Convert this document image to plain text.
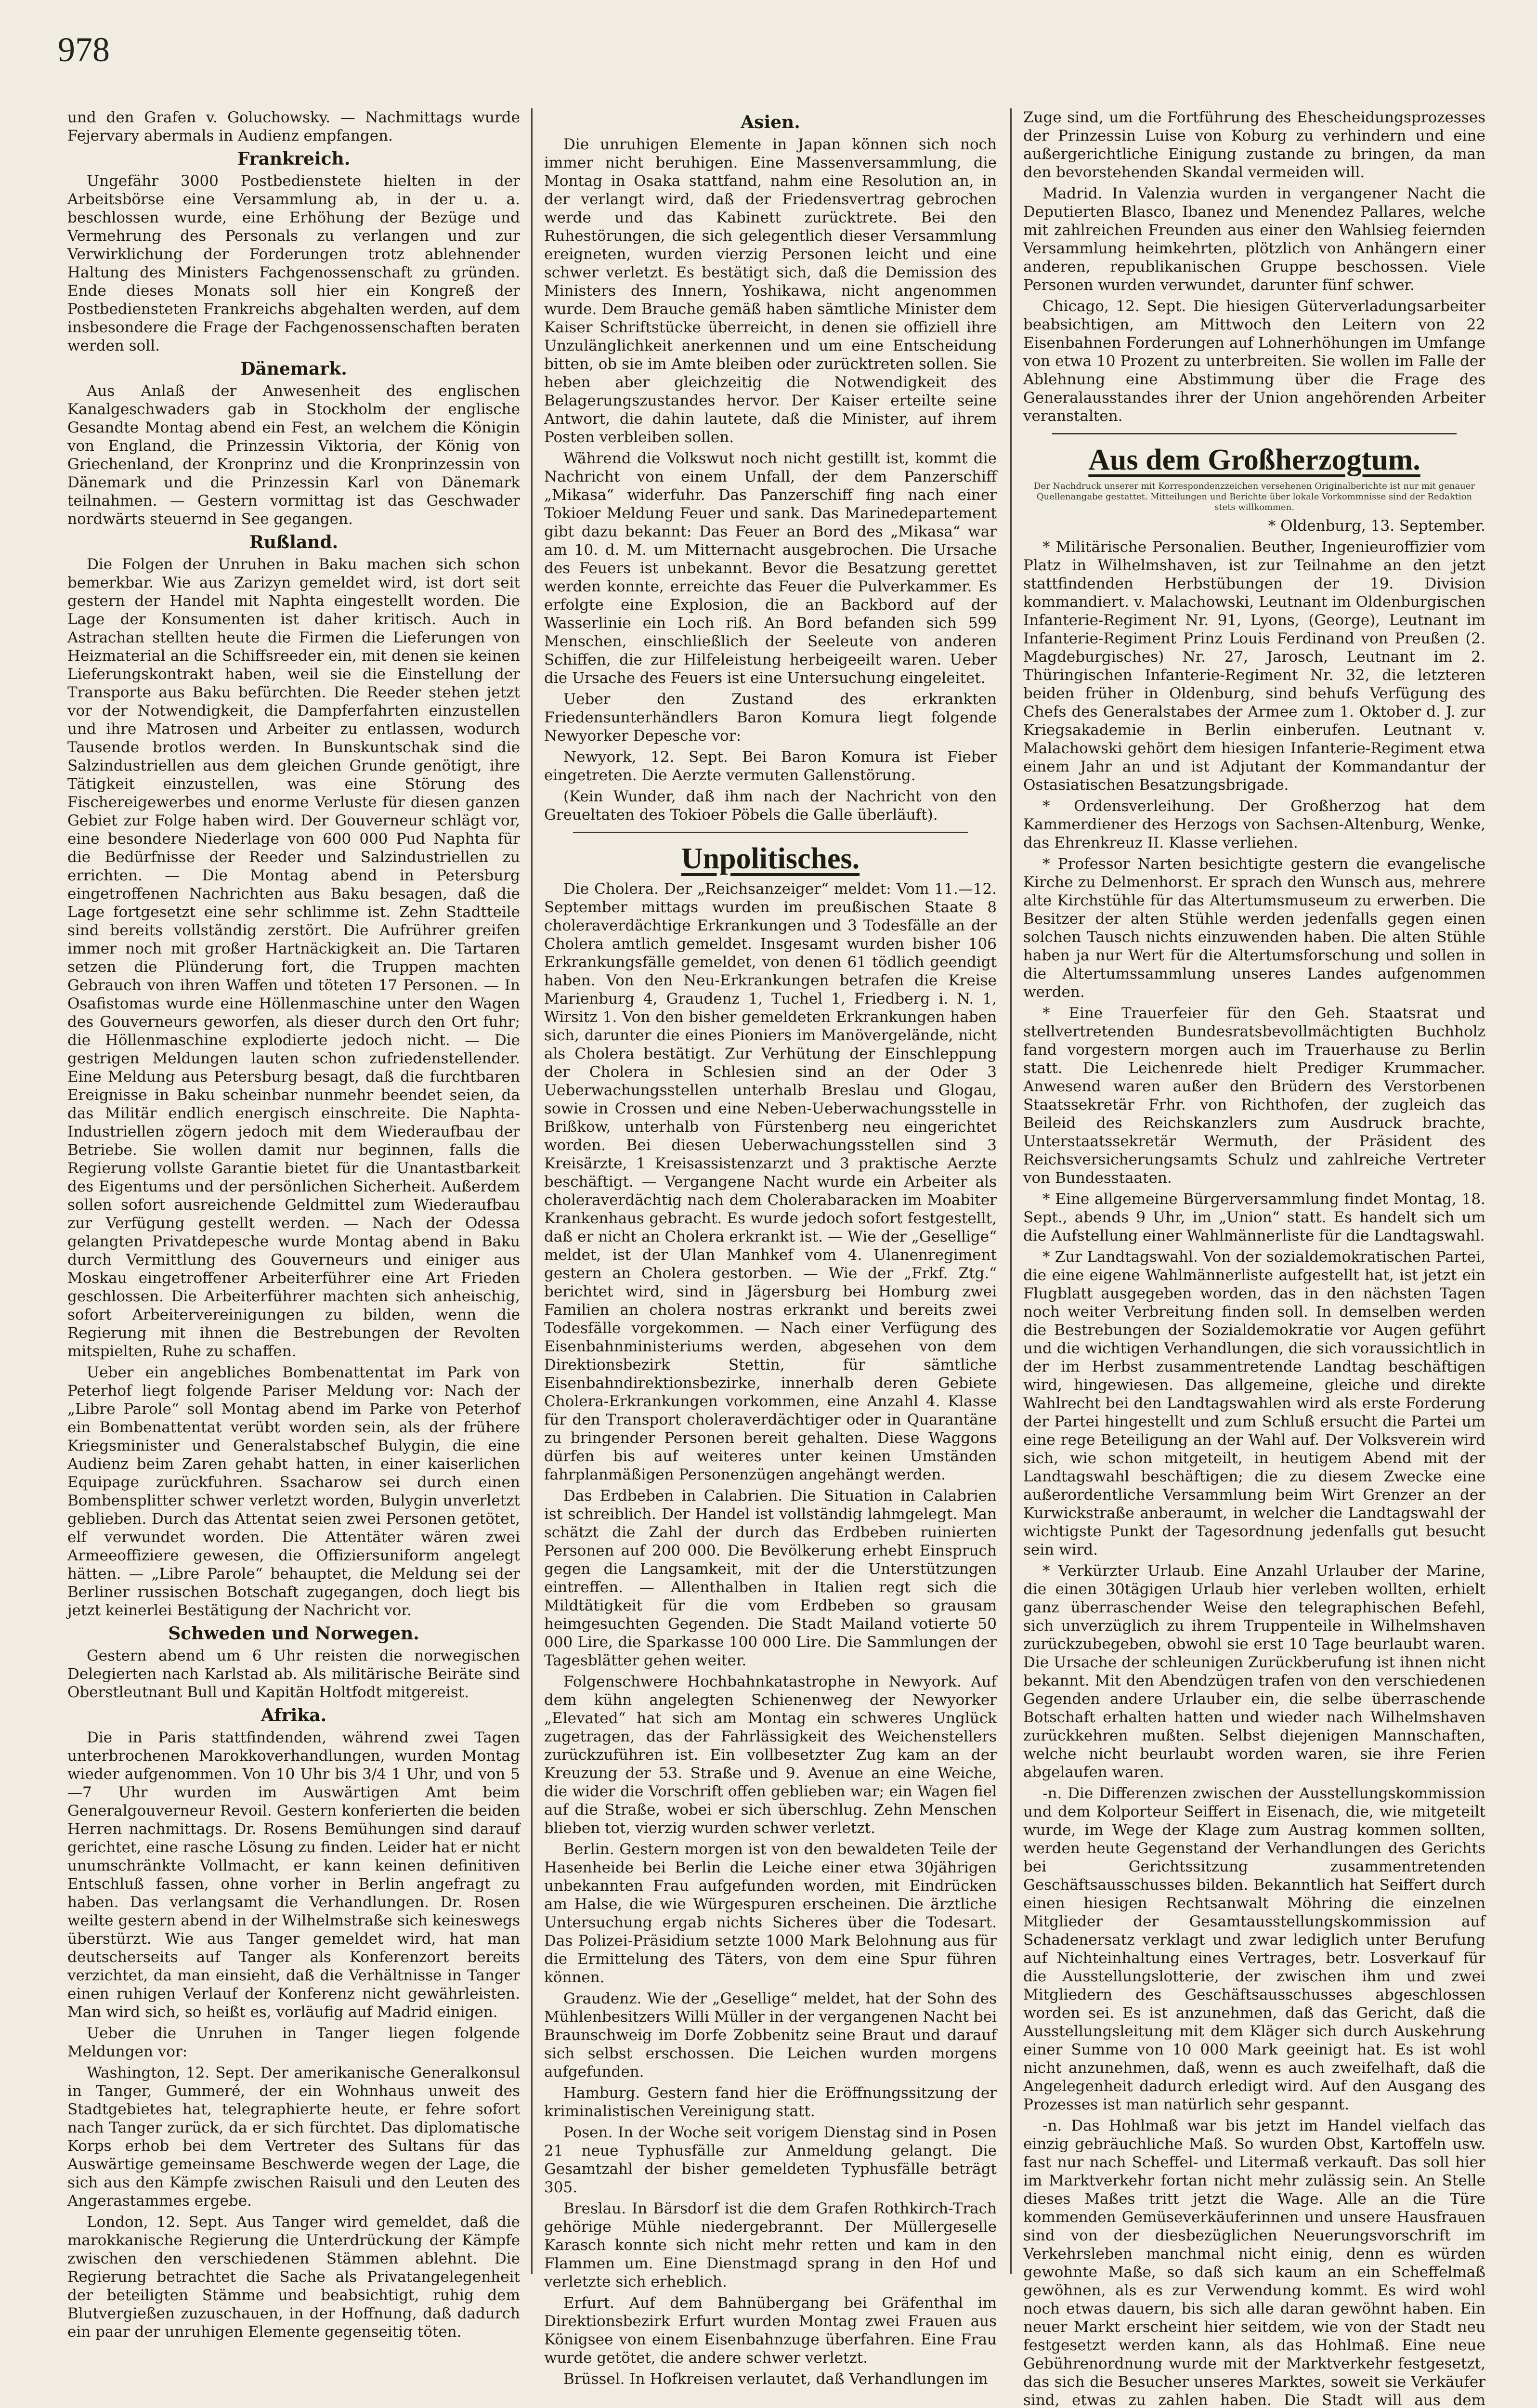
978

und den Grafen v. Goluchowsky. — Nachmittags wurde Fejervary abermals in Audienz empfangen.

Frankreich.

Ungefähr 3000 Postbedienstete hielten in der Arbeitsbörse eine Versammlung ab, in der u. a. beschlossen wurde, eine Erhöhung der Bezüge und Vermehrung des Personals zu verlangen und zur Verwirklichung der Forderungen trotz ablehnender Haltung des Ministers Fachgenossenschaft zu gründen. Ende dieses Monats soll hier ein Kongreß der Postbediensteten Frankreichs abgehalten werden, auf dem insbesondere die Frage der Fachgenossenschaften beraten werden soll.

Dänemark.

Aus Anlaß der Anwesenheit des englischen Kanalgeschwaders gab in Stockholm der englische Gesandte Montag abend ein Fest, an welchem die Königin von England, die Prinzessin Viktoria, der König von Griechenland, der Kronprinz und die Kronprinzessin von Dänemark und die Prinzessin Karl von Dänemark teilnahmen. — Gestern vormittag ist das Geschwader nordwärts steuernd in See gegangen.

Rußland.

Die Folgen der Unruhen in Baku machen sich schon bemerkbar. Wie aus Zarizyn gemeldet wird, ist dort seit gestern der Handel mit Naphta eingestellt worden. Die Lage der Konsumenten ist daher kritisch. Auch in Astrachan stellten heute die Firmen die Lieferungen von Heizmaterial an die Schiffsreeder ein, mit denen sie keinen Lieferungskontrakt haben, weil sie die Einstellung der Transporte aus Baku befürchten. Die Reeder stehen jetzt vor der Notwendigkeit, die Dampferfahrten einzustellen und ihre Matrosen und Arbeiter zu entlassen, wodurch Tausende brotlos werden. In Bunskuntschak sind die Salzindustriellen aus dem gleichen Grunde genötigt, ihre Tätigkeit einzustellen, was eine Störung des Fischereigewerbes und enorme Verluste für diesen ganzen Gebiet zur Folge haben wird. Der Gouverneur schlägt vor, eine besondere Niederlage von 600 000 Pud Naphta für die Bedürfnisse der Reeder und Salzindustriellen zu errichten. — Die Montag abend in Petersburg eingetroffenen Nachrichten aus Baku besagen, daß die Lage fortgesetzt eine sehr schlimme ist. Zehn Stadtteile sind bereits vollständig zerstört. Die Aufrührer greifen immer noch mit großer Hartnäckigkeit an. Die Tartaren setzen die Plünderung fort, die Truppen machten Gebrauch von ihren Waffen und töteten 17 Personen. — In Osafistomas wurde eine Höllenmaschine unter den Wagen des Gouverneurs geworfen, als dieser durch den Ort fuhr; die Höllenmaschine explodierte jedoch nicht. — Die gestrigen Meldungen lauten schon zufriedenstellender. Eine Meldung aus Petersburg besagt, daß die furchtbaren Ereignisse in Baku scheinbar nunmehr beendet seien, da das Militär endlich energisch einschreite. Die Naphta-Industriellen zögern jedoch mit dem Wiederaufbau der Betriebe. Sie wollen damit nur beginnen, falls die Regierung vollste Garantie bietet für die Unantastbarkeit des Eigentums und der persönlichen Sicherheit. Außerdem sollen sofort ausreichende Geldmittel zum Wiederaufbau zur Verfügung gestellt werden. — Nach der Odessa gelangten Privatdepesche wurde Montag abend in Baku durch Vermittlung des Gouverneurs und einiger aus Moskau eingetroffener Arbeiterführer eine Art Frieden geschlossen. Die Arbeiterführer machten sich anheischig, sofort Arbeitervereinigungen zu bilden, wenn die Regierung mit ihnen die Bestrebungen der Revolten mitspielten, Ruhe zu schaffen.

Ueber ein angebliches Bombenattentat im Park von Peterhof liegt folgende Pariser Meldung vor: Nach der „Libre Parole“ soll Montag abend im Parke von Peterhof ein Bombenattentat verübt worden sein, als der frühere Kriegsminister und Generalstabschef Bulygin, die eine Audienz beim Zaren gehabt hatten, in einer kaiserlichen Equipage zurückfuhren. Ssacharow sei durch einen Bombensplitter schwer verletzt worden, Bulygin unverletzt geblieben. Durch das Attentat seien zwei Personen getötet, elf verwundet worden. Die Attentäter wären zwei Armeeoffiziere gewesen, die Offiziersuniform angelegt hätten. — „Libre Parole“ behauptet, die Meldung sei der Berliner russischen Botschaft zugegangen, doch liegt bis jetzt keinerlei Bestätigung der Nachricht vor.

Schweden und Norwegen.

Gestern abend um 6 Uhr reisten die norwegischen Delegierten nach Karlstad ab. Als militärische Beiräte sind Oberstleutnant Bull und Kapitän Holtfodt mitgereist.

Afrika.

Die in Paris stattfindenden, während zwei Tagen unterbrochenen Marokkoverhandlungen, wurden Montag wieder aufgenommen. Von 10 Uhr bis 3/4 1 Uhr, und von 5—7 Uhr wurden im Auswärtigen Amt beim Generalgouverneur Revoil. Gestern konferierten die beiden Herren nachmittags. Dr. Rosens Bemühungen sind darauf gerichtet, eine rasche Lösung zu finden. Leider hat er nicht unumschränkte Vollmacht, er kann keinen definitiven Entschluß fassen, ohne vorher in Berlin angefragt zu haben. Das verlangsamt die Verhandlungen. Dr. Rosen weilte gestern abend in der Wilhelmstraße sich keineswegs überstürzt. Wie aus Tanger gemeldet wird, hat man deutscherseits auf Tanger als Konferenzort bereits verzichtet, da man einsieht, daß die Verhältnisse in Tanger einen ruhigen Verlauf der Konferenz nicht gewährleisten. Man wird sich, so heißt es, vorläufig auf Madrid einigen.

Ueber die Unruhen in Tanger liegen folgende Meldungen vor:

Washington, 12. Sept. Der amerikanische Generalkonsul in Tanger, Gummeré, der ein Wohnhaus unweit des Stadtgebietes hat, telegraphierte heute, er fehre sofort nach Tanger zurück, da er sich fürchtet. Das diplomatische Korps erhob bei dem Vertreter des Sultans für das Auswärtige gemeinsame Beschwerde wegen der Lage, die sich aus den Kämpfe zwischen Raisuli und den Leuten des Angerastammes ergebe.

London, 12. Sept. Aus Tanger wird gemeldet, daß die marokkanische Regierung die Unterdrückung der Kämpfe zwischen den verschiedenen Stämmen ablehnt. Die Regierung betrachtet die Sache als Privatangelegenheit der beteiligten Stämme und beabsichtigt, ruhig dem Blutvergießen zuzuschauen, in der Hoffnung, daß dadurch ein paar der unruhigen Elemente gegenseitig töten.

Asien.

Die unruhigen Elemente in Japan können sich noch immer nicht beruhigen. Eine Massenversammlung, die Montag in Osaka stattfand, nahm eine Resolution an, in der verlangt wird, daß der Friedensvertrag gebrochen werde und das Kabinett zurücktrete. Bei den Ruhestörungen, die sich gelegentlich dieser Versammlung ereigneten, wurden vierzig Personen leicht und eine schwer verletzt. Es bestätigt sich, daß die Demission des Ministers des Innern, Yoshikawa, nicht angenommen wurde. Dem Brauche gemäß haben sämtliche Minister dem Kaiser Schriftstücke überreicht, in denen sie offiziell ihre Unzulänglichkeit anerkennen und um eine Entscheidung bitten, ob sie im Amte bleiben oder zurücktreten sollen. Sie heben aber gleichzeitig die Notwendigkeit des Belagerungszustandes hervor. Der Kaiser erteilte seine Antwort, die dahin lautete, daß die Minister, auf ihrem Posten verbleiben sollen.

Während die Volkswut noch nicht gestillt ist, kommt die Nachricht von einem Unfall, der dem Panzerschiff „Mikasa“ widerfuhr. Das Panzerschiff fing nach einer Tokioer Meldung Feuer und sank. Das Marinedepartement gibt dazu bekannt: Das Feuer an Bord des „Mikasa“ war am 10. d. M. um Mitternacht ausgebrochen. Die Ursache des Feuers ist unbekannt. Bevor die Besatzung gerettet werden konnte, erreichte das Feuer die Pulverkammer. Es erfolgte eine Explosion, die an Backbord auf der Wasserlinie ein Loch riß. An Bord befanden sich 599 Menschen, einschließlich der Seeleute von anderen Schiffen, die zur Hilfeleistung herbeigeeilt waren. Ueber die Ursache des Feuers ist eine Untersuchung eingeleitet.

Ueber den Zustand des erkrankten Friedensunterhändlers Baron Komura liegt folgende Newyorker Depesche vor:

Newyork, 12. Sept. Bei Baron Komura ist Fieber eingetreten. Die Aerzte vermuten Gallenstörung.

(Kein Wunder, daß ihm nach der Nachricht von den Greueltaten des Tokioer Pöbels die Galle überläuft).

Unpolitisches.

Die Cholera. Der „Reichsanzeiger“ meldet: Vom 11.—12. September mittags wurden im preußischen Staate 8 choleraverdächtige Erkrankungen und 3 Todesfälle an der Cholera amtlich gemeldet. Insgesamt wurden bisher 106 Erkrankungsfälle gemeldet, von denen 61 tödlich geendigt haben. Von den Neu-Erkrankungen betrafen die Kreise Marienburg 4, Graudenz 1, Tuchel 1, Friedberg i. N. 1, Wirsitz 1. Von den bisher gemeldeten Erkrankungen haben sich, darunter die eines Pioniers im Manövergelände, nicht als Cholera bestätigt. Zur Verhütung der Einschleppung der Cholera in Schlesien sind an der Oder 3 Ueberwachungsstellen unterhalb Breslau und Glogau, sowie in Crossen und eine Neben-Ueberwachungsstelle in Brißkow, unterhalb von Fürstenberg neu eingerichtet worden. Bei diesen Ueberwachungsstellen sind 3 Kreisärzte, 1 Kreisassistenzarzt und 3 praktische Aerzte beschäftigt. — Vergangene Nacht wurde ein Arbeiter als choleraverdächtig nach dem Cholerabaracken im Moabiter Krankenhaus gebracht. Es wurde jedoch sofort festgestellt, daß er nicht an Cholera erkrankt ist. — Wie der „Gesellige“ meldet, ist der Ulan Manhkef vom 4. Ulanenregiment gestern an Cholera gestorben. — Wie der „Frkf. Ztg.“ berichtet wird, sind in Jägersburg bei Homburg zwei Familien an cholera nostras erkrankt und bereits zwei Todesfälle vorgekommen. — Nach einer Verfügung des Eisenbahnministeriums werden, abgesehen von dem Direktionsbezirk Stettin, für sämtliche Eisenbahndirektionsbezirke, innerhalb deren Gebiete Cholera-Erkrankungen vorkommen, eine Anzahl 4. Klasse für den Transport choleraverdächtiger oder in Quarantäne zu bringender Personen bereit gehalten. Diese Waggons dürfen bis auf weiteres unter keinen Umständen fahrplanmäßigen Personenzügen angehängt werden.

Das Erdbeben in Calabrien. Die Situation in Calabrien ist schreiblich. Der Handel ist vollständig lahmgelegt. Man schätzt die Zahl der durch das Erdbeben ruinierten Personen auf 200 000. Die Bevölkerung erhebt Einspruch gegen die Langsamkeit, mit der die Unterstützungen eintreffen. — Allenthalben in Italien regt sich die Mildtätigkeit für die vom Erdbeben so grausam heimgesuchten Gegenden. Die Stadt Mailand votierte 50 000 Lire, die Sparkasse 100 000 Lire. Die Sammlungen der Tagesblätter gehen weiter.

Folgenschwere Hochbahnkatastrophe in Newyork. Auf dem kühn angelegten Schienenweg der Newyorker „Elevated“ hat sich am Montag ein schweres Unglück zugetragen, das der Fahrlässigkeit des Weichenstellers zurückzuführen ist. Ein vollbesetzter Zug kam an der Kreuzung der 53. Straße und 9. Avenue an eine Weiche, die wider die Vorschrift offen geblieben war; ein Wagen fiel auf die Straße, wobei er sich überschlug. Zehn Menschen blieben tot, vierzig wurden schwer verletzt.

Berlin. Gestern morgen ist von den bewaldeten Teile der Hasenheide bei Berlin die Leiche einer etwa 30jährigen unbekannten Frau aufgefunden worden, mit Eindrücken am Halse, die wie Würgespuren erscheinen. Die ärztliche Untersuchung ergab nichts Sicheres über die Todesart. Das Polizei-Präsidium setzte 1000 Mark Belohnung aus für die Ermittelung des Täters, von dem eine Spur führen können.

Graudenz. Wie der „Gesellige“ meldet, hat der Sohn des Mühlenbesitzers Willi Müller in der vergangenen Nacht bei Braunschweig im Dorfe Zobbenitz seine Braut und darauf sich selbst erschossen. Die Leichen wurden morgens aufgefunden.

Hamburg. Gestern fand hier die Eröffnungssitzung der kriminalistischen Vereinigung statt.

Posen. In der Woche seit vorigem Dienstag sind in Posen 21 neue Typhusfälle zur Anmeldung gelangt. Die Gesamtzahl der bisher gemeldeten Typhusfälle beträgt 305.

Breslau. In Bärsdorf ist die dem Grafen Rothkirch-Trach gehörige Mühle niedergebrannt. Der Müllergeselle Karasch konnte sich nicht mehr retten und kam in den Flammen um. Eine Dienstmagd sprang in den Hof und verletzte sich erheblich.

Erfurt. Auf dem Bahnübergang bei Gräfenthal im Direktionsbezirk Erfurt wurden Montag zwei Frauen aus Königsee von einem Eisenbahnzuge überfahren. Eine Frau wurde getötet, die andere schwer verletzt.

Brüssel. In Hofkreisen verlautet, daß Verhandlungen im

Zuge sind, um die Fortführung des Ehescheidungsprozesses der Prinzessin Luise von Koburg zu verhindern und eine außergerichtliche Einigung zustande zu bringen, da man den bevorstehenden Skandal vermeiden will.

Madrid. In Valenzia wurden in vergangener Nacht die Deputierten Blasco, Ibanez und Menendez Pallares, welche mit zahlreichen Freunden aus einer den Wahlsieg feiernden Versammlung heimkehrten, plötzlich von Anhängern einer anderen, republikanischen Gruppe beschossen. Viele Personen wurden verwundet, darunter fünf schwer.

Chicago, 12. Sept. Die hiesigen Güterverladungsarbeiter beabsichtigen, am Mittwoch den Leitern von 22 Eisenbahnen Forderungen auf Lohnerhöhungen im Umfange von etwa 10 Prozent zu unterbreiten. Sie wollen im Falle der Ablehnung eine Abstimmung über die Frage des Generalausstandes ihrer der Union angehörenden Arbeiter veranstalten.

Aus dem Großherzogtum.

Der Nachdruck unserer mit Korrespondenzzeichen versehenen Originalberichte ist nur mit genauer Quellenangabe gestattet. Mitteilungen und Berichte über lokale Vorkommnisse sind der Redaktion stets willkommen.

* Oldenburg, 13. September.

* Militärische Personalien. Beuther, Ingenieuroffizier vom Platz in Wilhelmshaven, ist zur Teilnahme an den jetzt stattfindenden Herbstübungen der 19. Division kommandiert. v. Malachowski, Leutnant im Oldenburgischen Infanterie-Regiment Nr. 91, Lyons, (George), Leutnant im Infanterie-Regiment Prinz Louis Ferdinand von Preußen (2. Magdeburgisches) Nr. 27, Jarosch, Leutnant im 2. Thüringischen Infanterie-Regiment Nr. 32, die letzteren beiden früher in Oldenburg, sind behufs Verfügung des Chefs des Generalstabes der Armee zum 1. Oktober d. J. zur Kriegsakademie in Berlin einberufen. Leutnant v. Malachowski gehört dem hiesigen Infanterie-Regiment etwa einem Jahr an und ist Adjutant der Kommandantur der Ostasiatischen Besatzungsbrigade.

* Ordensverleihung. Der Großherzog hat dem Kammerdiener des Herzogs von Sachsen-Altenburg, Wenke, das Ehrenkreuz II. Klasse verliehen.

* Professor Narten besichtigte gestern die evangelische Kirche zu Delmenhorst. Er sprach den Wunsch aus, mehrere alte Kirchstühle für das Altertumsmuseum zu erwerben. Die Besitzer der alten Stühle werden jedenfalls gegen einen solchen Tausch nichts einzuwenden haben. Die alten Stühle haben ja nur Wert für die Altertumsforschung und sollen in die Altertumssammlung unseres Landes aufgenommen werden.

* Eine Trauerfeier für den Geh. Staatsrat und stellvertretenden Bundesratsbevollmächtigten Buchholz fand vorgestern morgen auch im Trauerhause zu Berlin statt. Die Leichenrede hielt Prediger Krummacher. Anwesend waren außer den Brüdern des Verstorbenen Staatssekretär Frhr. von Richthofen, der zugleich das Beileid des Reichskanzlers zum Ausdruck brachte, Unterstaatssekretär Wermuth, der Präsident des Reichsversicherungsamts Schulz und zahlreiche Vertreter von Bundesstaaten.

* Eine allgemeine Bürgerversammlung findet Montag, 18. Sept., abends 9 Uhr, im „Union“ statt. Es handelt sich um die Aufstellung einer Wahlmännerliste für die Landtagswahl.

* Zur Landtagswahl. Von der sozialdemokratischen Partei, die eine eigene Wahlmännerliste aufgestellt hat, ist jetzt ein Flugblatt ausgegeben worden, das in den nächsten Tagen noch weiter Verbreitung finden soll. In demselben werden die Bestrebungen der Sozialdemokratie vor Augen geführt und die wichtigen Verhandlungen, die sich voraussichtlich in der im Herbst zusammentretende Landtag beschäftigen wird, hingewiesen. Das allgemeine, gleiche und direkte Wahlrecht bei den Landtagswahlen wird als erste Forderung der Partei hingestellt und zum Schluß ersucht die Partei um eine rege Beteiligung an der Wahl auf. Der Volksverein wird sich, wie schon mitgeteilt, in heutigem Abend mit der Landtagswahl beschäftigen; die zu diesem Zwecke eine außerordentliche Versammlung beim Wirt Grenzer an der Kurwickstraße anberaumt, in welcher die Landtagswahl der wichtigste Punkt der Tagesordnung jedenfalls gut besucht sein wird.

* Verkürzter Urlaub. Eine Anzahl Urlauber der Marine, die einen 30tägigen Urlaub hier verleben wollten, erhielt ganz überraschender Weise den telegraphischen Befehl, sich unverzüglich zu ihrem Truppenteile in Wilhelmshaven zurückzubegeben, obwohl sie erst 10 Tage beurlaubt waren. Die Ursache der schleunigen Zurückberufung ist ihnen nicht bekannt. Mit den Abendzügen trafen von den verschiedenen Gegenden andere Urlauber ein, die selbe überraschende Botschaft erhalten hatten und wieder nach Wilhelmshaven zurückkehren mußten. Selbst diejenigen Mannschaften, welche nicht beurlaubt worden waren, sie ihre Ferien abgelaufen waren.

-n. Die Differenzen zwischen der Ausstellungskommission und dem Kolporteur Seiffert in Eisenach, die, wie mitgeteilt wurde, im Wege der Klage zum Austrag kommen sollten, werden heute Gegenstand der Verhandlungen des Gerichts bei Gerichtssitzung zusammentretenden Geschäftsausschusses bilden. Bekanntlich hat Seiffert durch einen hiesigen Rechtsanwalt Möhring die einzelnen Mitglieder der Gesamtausstellungskommission auf Schadenersatz verklagt und zwar lediglich unter Berufung auf Nichteinhaltung eines Vertrages, betr. Losverkauf für die Ausstellungslotterie, der zwischen ihm und zwei Mitgliedern des Geschäftsausschusses abgeschlossen worden sei. Es ist anzunehmen, daß das Gericht, daß die Ausstellungsleitung mit dem Kläger sich durch Auskehrung einer Summe von 10 000 Mark geeinigt hat. Es ist wohl nicht anzunehmen, daß, wenn es auch zweifelhaft, daß die Angelegenheit dadurch erledigt wird. Auf den Ausgang des Prozesses ist man natürlich sehr gespannt.

-n. Das Hohlmaß war bis jetzt im Handel vielfach das einzig gebräuchliche Maß. So wurden Obst, Kartoffeln usw. fast nur nach Scheffel- und Litermaß verkauft. Das soll hier im Marktverkehr fortan nicht mehr zulässig sein. An Stelle dieses Maßes tritt jetzt die Wage. Alle an die Türe kommenden Gemüseverkäuferinnen und unsere Hausfrauen sind von der diesbezüglichen Neuerungsvorschrift im Verkehrsleben manchmal nicht einig, denn es würden gewohnte Maße, so daß sich kaum an ein Scheffelmaß gewöhnen, als es zur Verwendung kommt. Es wird wohl noch etwas dauern, bis sich alle daran gewöhnt haben. Ein neuer Markt erscheint hier seitdem, wie von der Stadt neu festgesetzt werden kann, als das Hohlmaß. Eine neue Gebührenordnung wurde mit der Marktverkehr festgesetzt, das sich die Besucher unseres Marktes, soweit sie Verkäufer sind, etwas zu zahlen haben. Die Stadt will aus dem
